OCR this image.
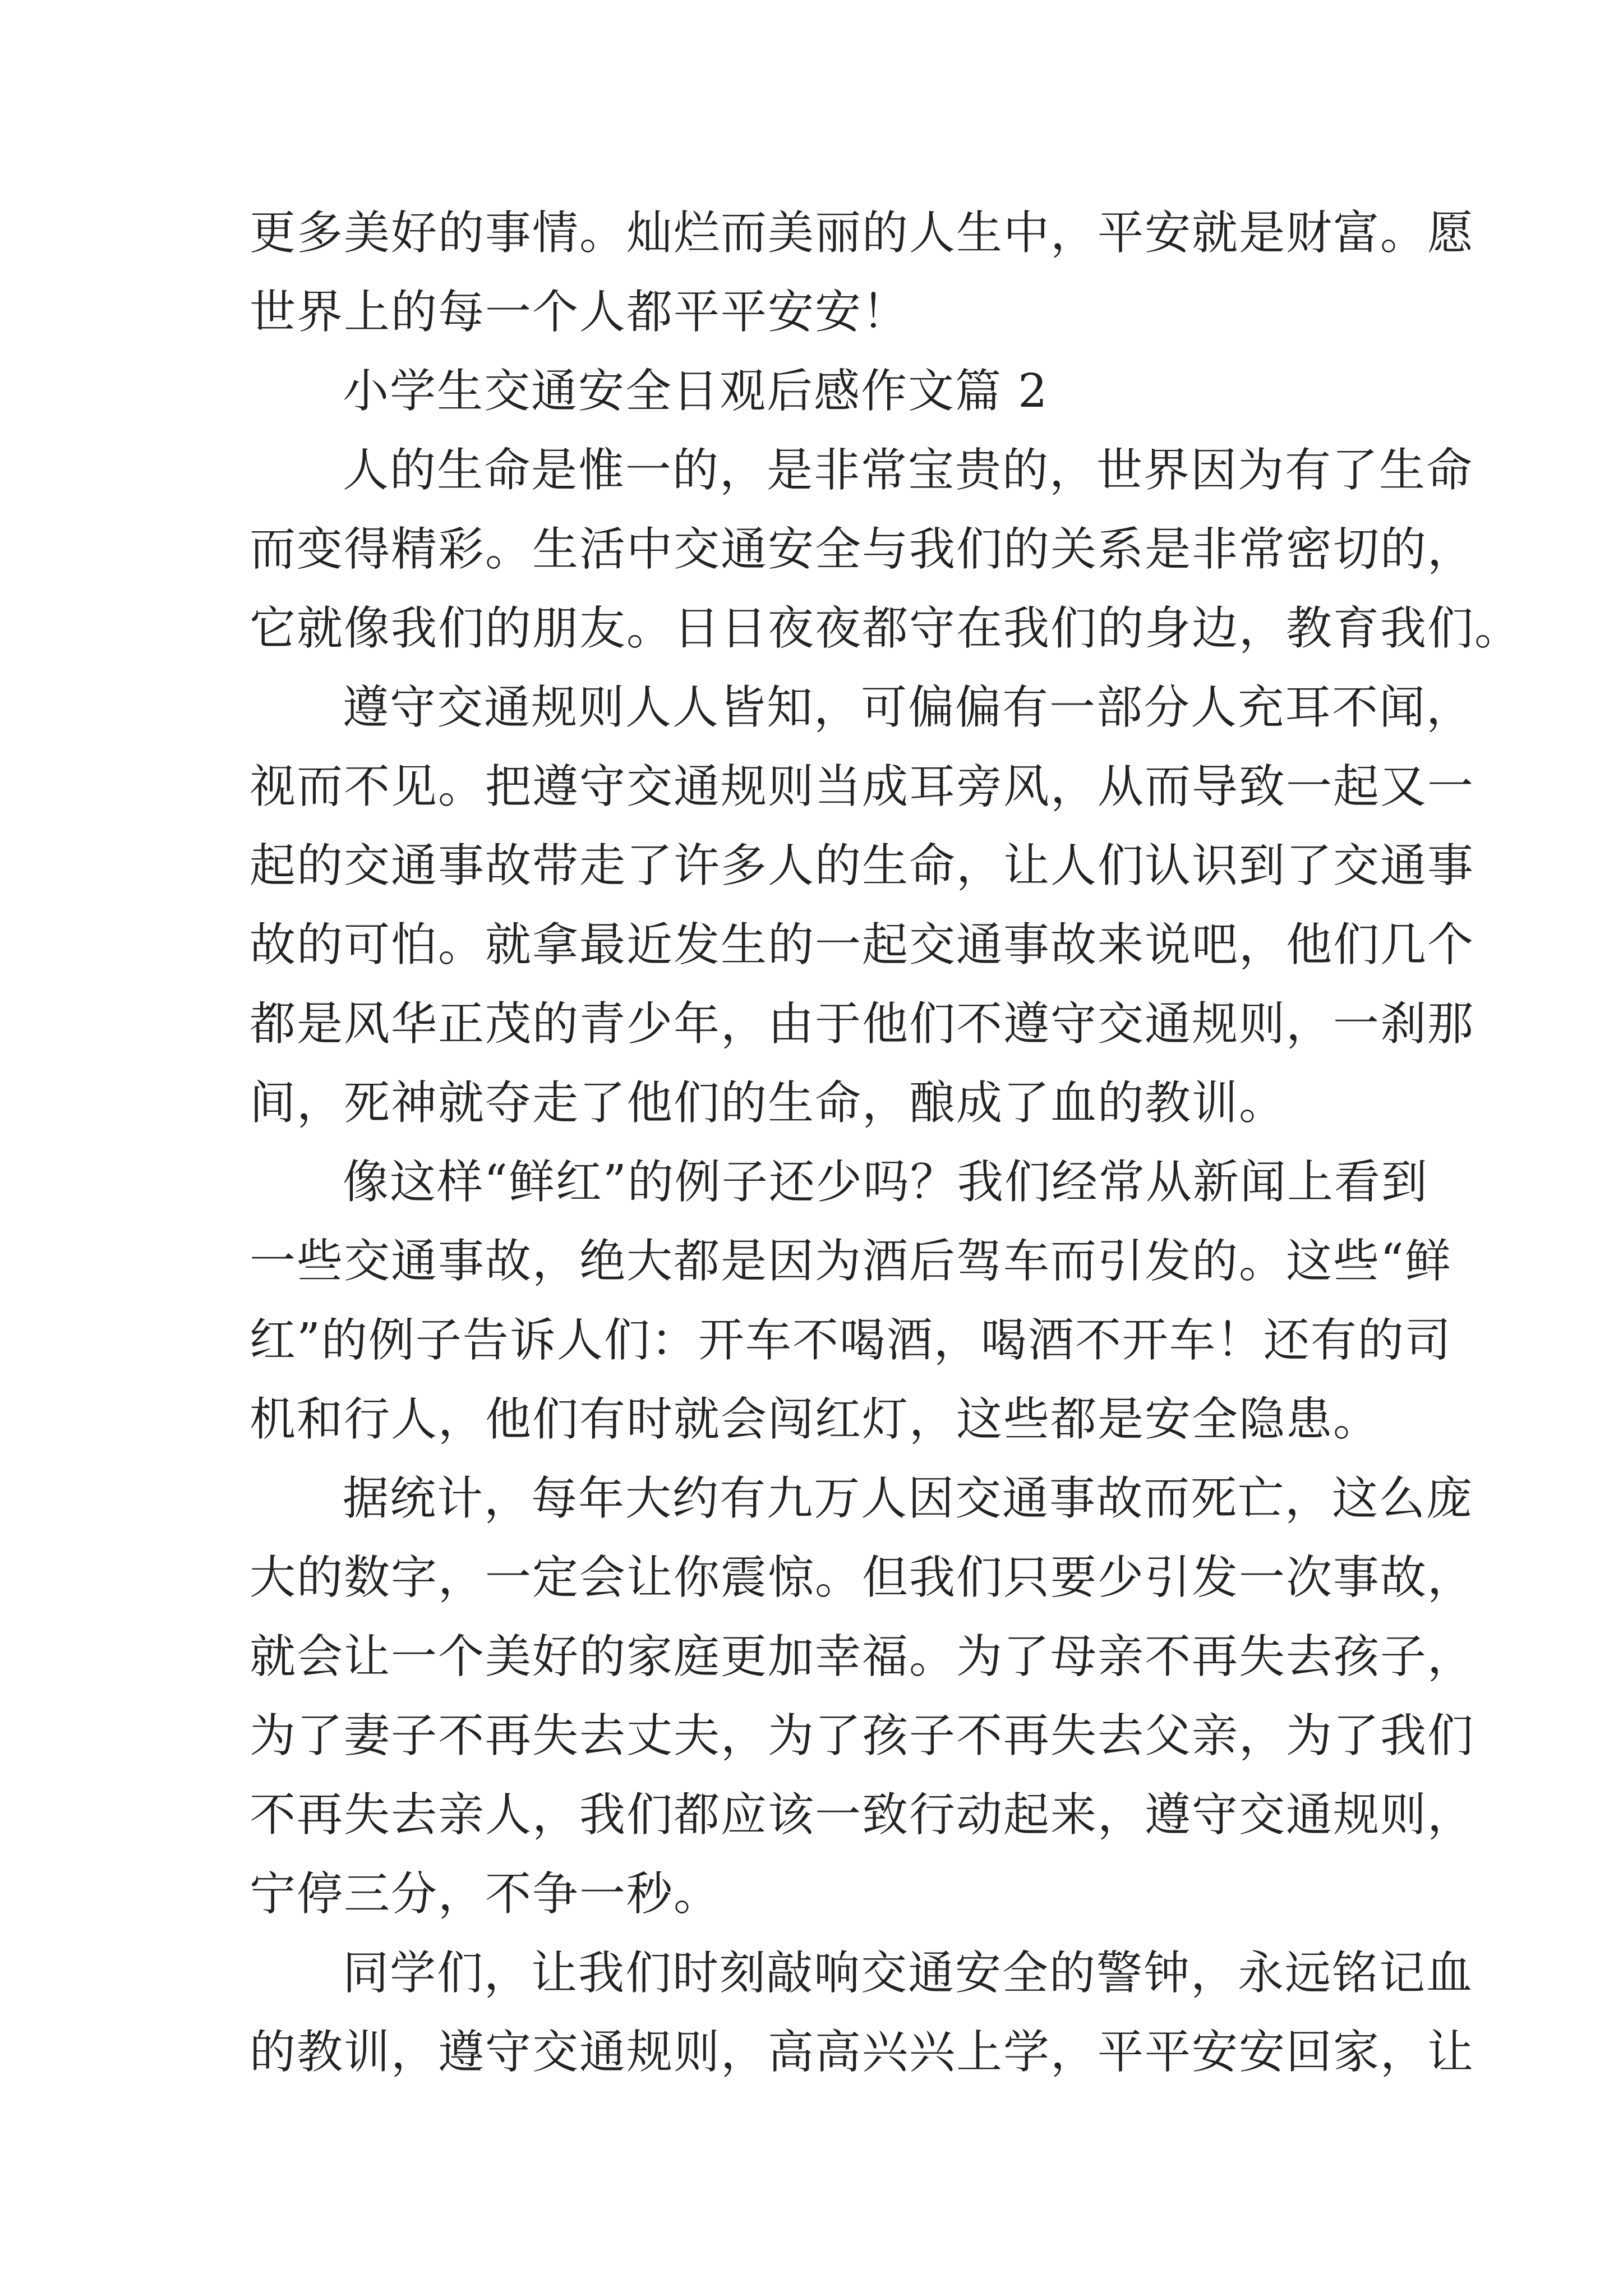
更多美好的事情。灿烂而美丽的人生中，平安就是财富。愿
世界上的每一个人都平平安安！
小学生交通安全日观后感作文篇 2
人的生命是惟一的，是非常宝贵的，世界因为有了生命
而变得精彩。生活中交通安全与我们的关系是非常密切的，
它就像我们的朋友。日日夜夜都守在我们的身边，教育我们。
遵守交通规则人人皆知，可偏偏有一部分人充耳不闻，
视而不见。把遵守交通规则当成耳旁风，从而导致一起又一
起的交通事故带走了许多人的生命，让人们认识到了交通事
故的可怕。就拿最近发生的一起交通事故来说吧，他们几个
都是风华正茂的青少年，由于他们不遵守交通规则，一刹那
间，死神就夺走了他们的生命，酿成了血的教训。
像这样“鲜红”的例子还少吗？我们经常从新闻上看到
一些交通事故，绝大都是因为酒后驾车而引发的。这些“鲜
红”的例子告诉人们：开车不喝酒，喝酒不开车！还有的司
机和行人，他们有时就会闯红灯，这些都是安全隐患。
据统计，每年大约有九万人因交通事故而死亡，这么庞
大的数字，一定会让你震惊。但我们只要少引发一次事故，
就会让一个美好的家庭更加幸福。为了母亲不再失去孩子，
为了妻子不再失去丈夫，为了孩子不再失去父亲，为了我们
不再失去亲人，我们都应该一致行动起来，遵守交通规则，
宁停三分，不争一秒。
同学们，让我们时刻敲响交通安全的警钟，永远铭记血
的教训，遵守交通规则，高高兴兴上学，平平安安回家，让
